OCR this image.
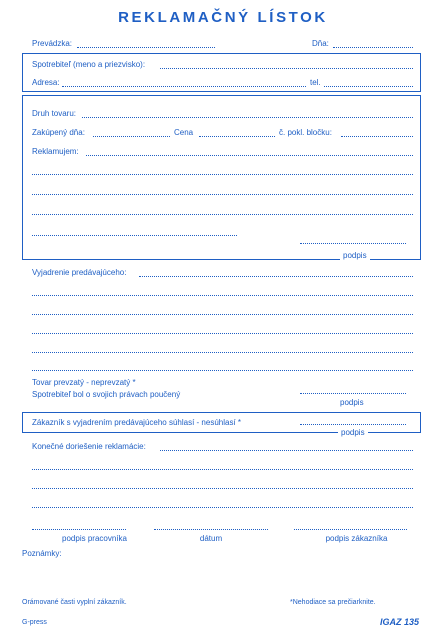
REKLAMAČNÝ LÍSTOK
Prevádzka:	Dňa:
Spotrebiteľ (meno a priezvisko):
Adresa:	tel.
Druh tovaru:
Zakúpený dňa:	Cena	č. pokl. bločku:
Reklamujem:
podpis
Vyjadrenie predávajúceho:
Tovar prevzatý - neprevzatý *
Spotrebiteľ bol o svojich právach poučený
podpis
Zákazník s vyjadrením predávajúceho súhlasí - nesúhlasí *
podpis
Konečné doriešenie reklamácie:
podpis pracovníka	dátum	podpis zákazníka
Poznámky:
Orámované časti vyplní zákazník.	*Nehodiace sa prečiarknite.
G-press	IGAZ 135
